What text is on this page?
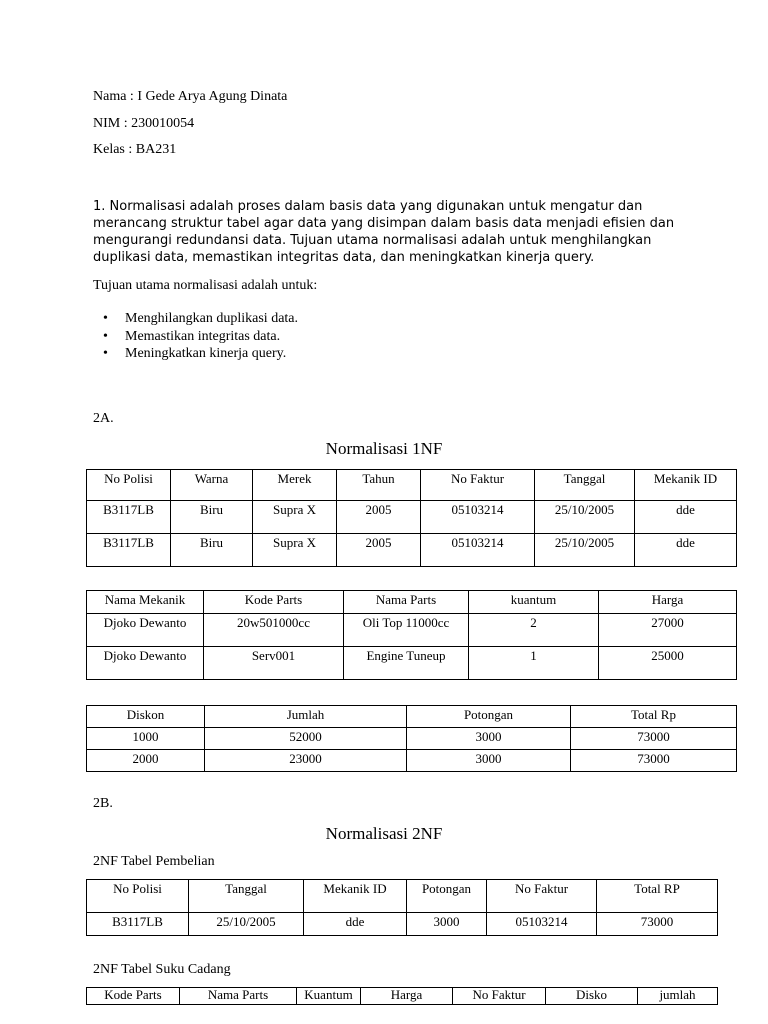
Nama : I Gede Arya Agung Dinata
NIM : 230010054
Kelas : BA231
1. Normalisasi adalah proses dalam basis data yang digunakan untuk mengatur dan
merancang struktur tabel agar data yang disimpan dalam basis data menjadi efisien dan
mengurangi redundansi data. Tujuan utama normalisasi adalah untuk menghilangkan
duplikasi data, memastikan integritas data, dan meningkatkan kinerja query.
Tujuan utama normalisasi adalah untuk:
• Menghilangkan duplikasi data.
• Memastikan integritas data.
• Meningkatkan kinerja query.
2A.
Normalisasi 1NF
No Polisi	Warna	Merek	Tahun	No Faktur	Tanggal	Mekanik ID
B3117LB	Biru	Supra X	2005	05103214	25/10/2005	dde
B3117LB	Biru	Supra X	2005	05103214	25/10/2005	dde
Nama Mekanik	Kode Parts	Nama Parts	kuantum	Harga
Djoko Dewanto	20w501000cc	Oli Top 11000cc	2	27000
Djoko Dewanto	Serv001	Engine Tuneup	1	25000
Diskon	Jumlah	Potongan	Total Rp
1000	52000	3000	73000
2000	23000	3000	73000
2B.
Normalisasi 2NF
2NF Tabel Pembelian
No Polisi	Tanggal	Mekanik ID	Potongan	No Faktur	Total RP
B3117LB	25/10/2005	dde	3000	05103214	73000
2NF Tabel Suku Cadang
Kode Parts	Nama Parts	Kuantum	Harga	No Faktur	Disko	jumlah
